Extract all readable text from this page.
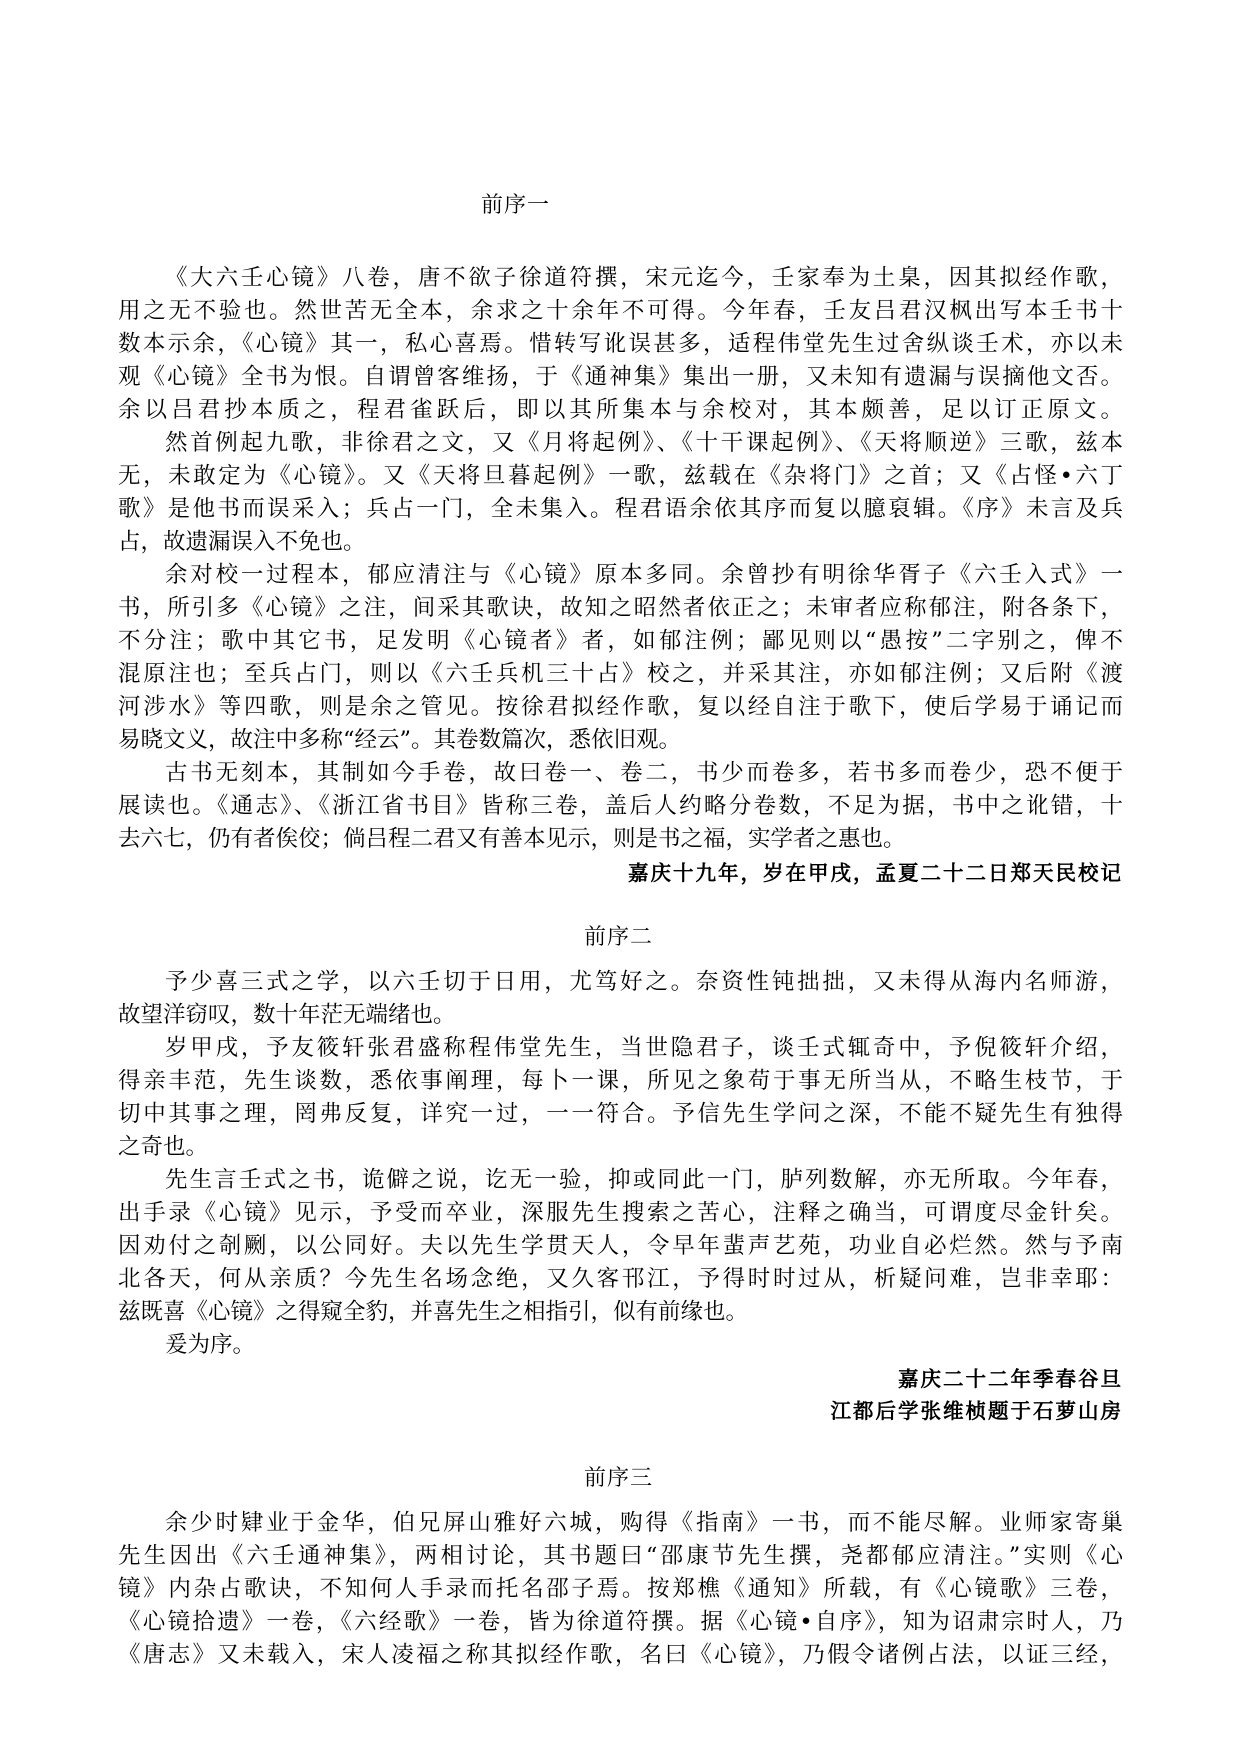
前序一
《大六壬心镜》八卷，唐不欲子徐道符撰，宋元迄今，壬家奉为土臬，因其拟经作歌，
用之无不验也。然世苦无全本，余求之十余年不可得。今年春，壬友吕君汉枫出写本壬书十
数本示余，《心镜》其一，私心喜焉。惜转写讹误甚多，适程伟堂先生过舍纵谈壬术，亦以未
观《心镜》全书为恨。自谓曾客维扬，于《通神集》集出一册，又未知有遗漏与误摘他文否。
余以吕君抄本质之，程君雀跃后，即以其所集本与余校对，其本颇善，足以订正原文。
然首例起九歌，非徐君之文，又《月将起例》、《十干课起例》、《天将顺逆》三歌，兹本
无，未敢定为《心镜》。又《天将旦暮起例》一歌，兹载在《杂将门》之首；又《占怪•六丁
歌》是他书而误采入；兵占一门，全未集入。程君语余依其序而复以臆裒辑。《序》未言及兵
占，故遗漏误入不免也。
余对校一过程本，郁应清注与《心镜》原本多同。余曾抄有明徐华胥子《六壬入式》一
书，所引多《心镜》之注，间采其歌诀，故知之昭然者依正之；未审者应称郁注，附各条下，
不分注；歌中其它书，足发明《心镜者》者，如郁注例；鄙见则以“愚按”二字别之，俾不
混原注也；至兵占门，则以《六壬兵机三十占》校之，并采其注，亦如郁注例；又后附《渡
河涉水》等四歌，则是余之管见。按徐君拟经作歌，复以经自注于歌下，使后学易于诵记而
易晓文义，故注中多称“经云”。其卷数篇次，悉依旧观。
古书无刻本，其制如今手卷，故曰卷一、卷二，书少而卷多，若书多而卷少，恐不便于
展读也。《通志》、《浙江省书目》皆称三卷，盖后人约略分卷数，不足为据，书中之讹错，十
去六七，仍有者俟佼；倘吕程二君又有善本见示，则是书之福，实学者之惠也。
嘉庆十九年，岁在甲戌，孟夏二十二日郑天民校记
前序二
予少喜三式之学，以六壬切于日用，尤笃好之。奈资性钝拙拙，又未得从海内名师游，
故望洋窃叹，数十年茫无端绪也。
岁甲戌，予友筱轩张君盛称程伟堂先生，当世隐君子，谈壬式辄奇中，予倪筱轩介绍，
得亲丰范，先生谈数，悉依事阐理，每卜一课，所见之象苟于事无所当从，不略生枝节，于
切中其事之理，罔弗反复，详究一过，一一符合。予信先生学问之深，不能不疑先生有独得
之奇也。
先生言壬式之书，诡僻之说，讫无一验，抑或同此一门，胪列数解，亦无所取。今年春，
出手录《心镜》见示，予受而卒业，深服先生搜索之苦心，注释之确当，可谓度尽金针矣。
因劝付之剞劂，以公同好。夫以先生学贯天人，令早年蜚声艺苑，功业自必烂然。然与予南
北各天，何从亲质？今先生名场念绝，又久客邗江，予得时时过从，析疑问难，岂非幸耶：
兹既喜《心镜》之得窥全豹，并喜先生之相指引，似有前缘也。
爰为序。
嘉庆二十二年季春谷旦
江都后学张维桢题于石萝山房
前序三
余少时肄业于金华，伯兄屏山雅好六城，购得《指南》一书，而不能尽解。业师家寄巢
先生因出《六壬通神集》，两相讨论，其书题曰“邵康节先生撰，尧都郁应清注。”实则《心
镜》内杂占歌诀，不知何人手录而托名邵子焉。按郑樵《通知》所载，有《心镜歌》三卷，
《心镜拾遗》一卷，《六经歌》一卷，皆为徐道符撰。据《心镜•自序》，知为诏肃宗时人，乃
《唐志》又未载入，宋人凌福之称其拟经作歌，名曰《心镜》，乃假令诸例占法，以证三经，
